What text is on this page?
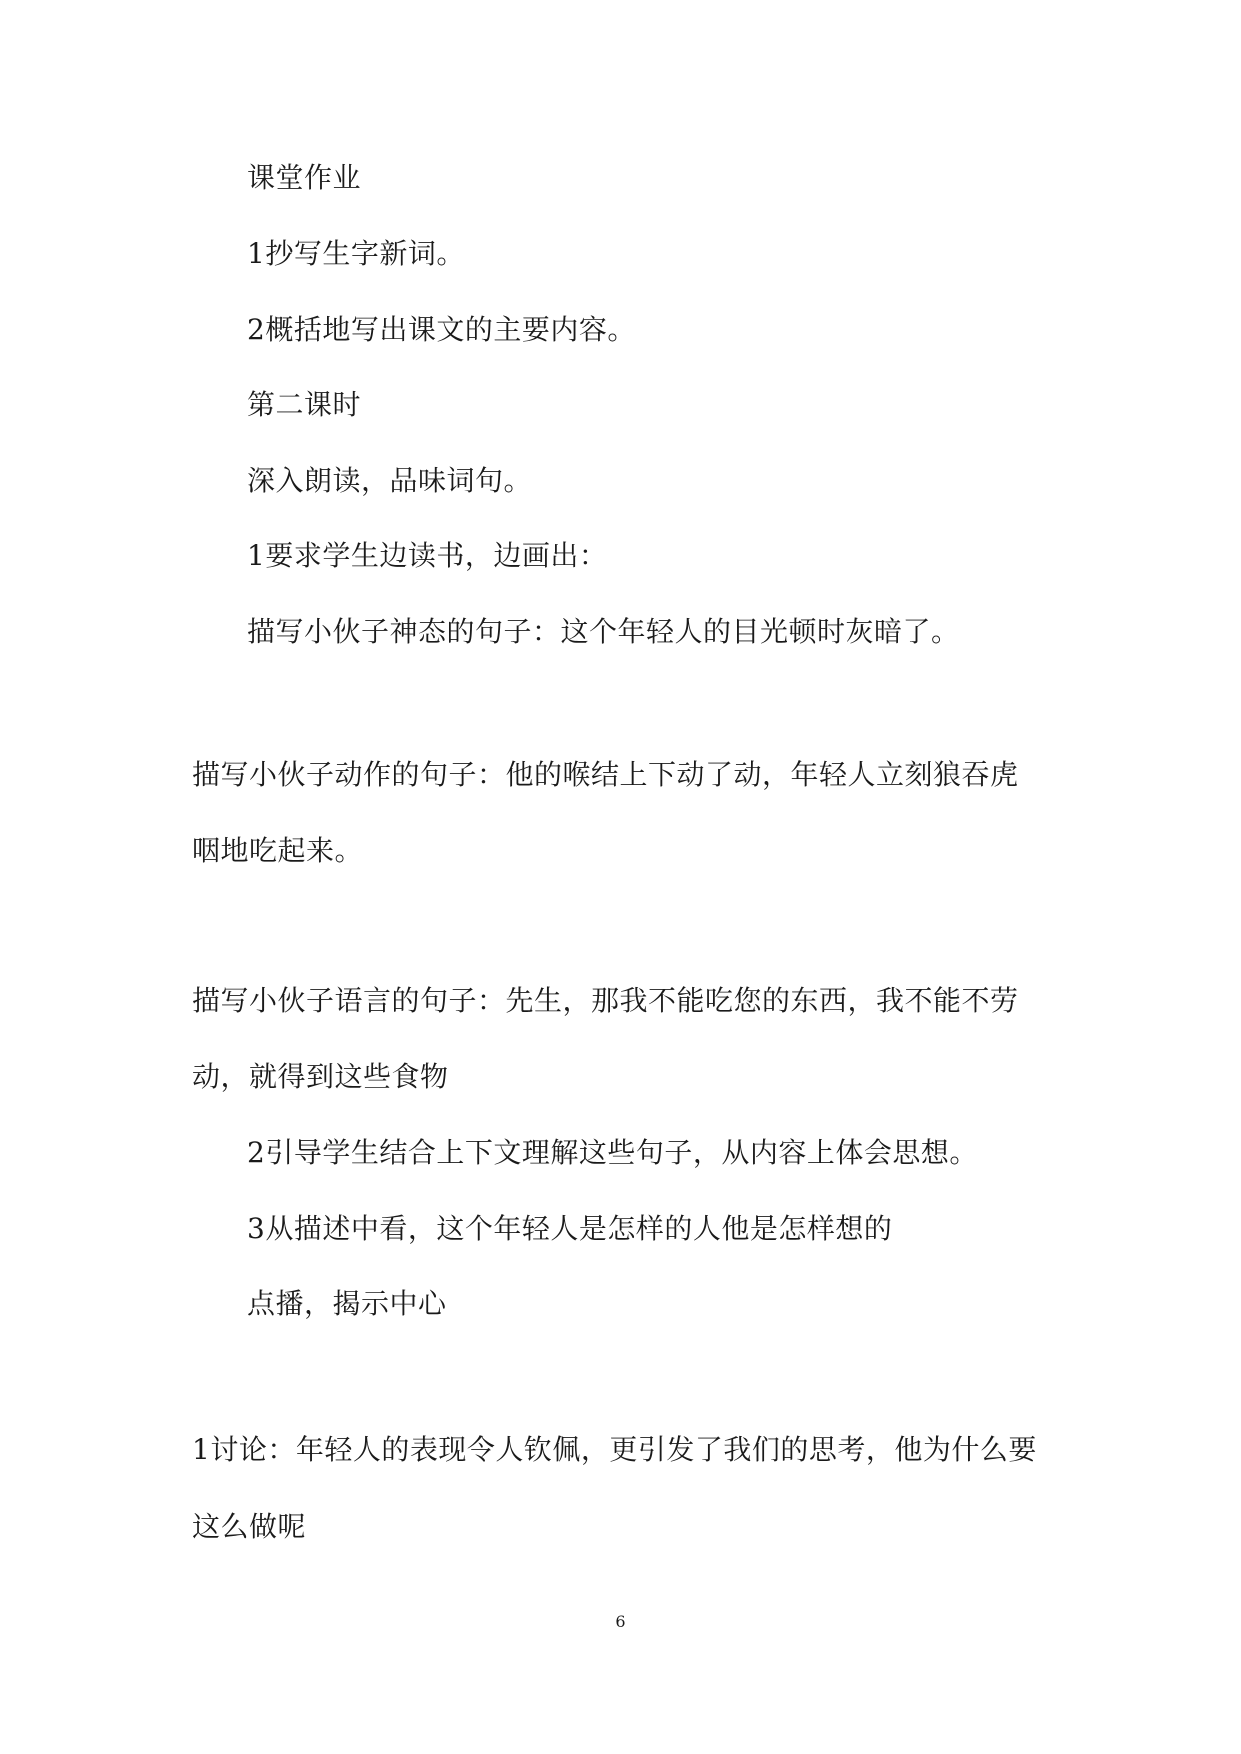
课堂作业

1抄写生字新词。

2概括地写出课文的主要内容。

第二课时

深入朗读，品味词句。

1要求学生边读书，边画出：

描写小伙子神态的句子：这个年轻人的目光顿时灰暗了。

描写小伙子动作的句子：他的喉结上下动了动，年轻人立刻狼吞虎

咽地吃起来。

描写小伙子语言的句子：先生，那我不能吃您的东西，我不能不劳

动，就得到这些食物

2引导学生结合上下文理解这些句子，从内容上体会思想。

3从描述中看，这个年轻人是怎样的人他是怎样想的

点播，揭示中心

1讨论：年轻人的表现令人钦佩，更引发了我们的思考，他为什么要

这么做呢

6
